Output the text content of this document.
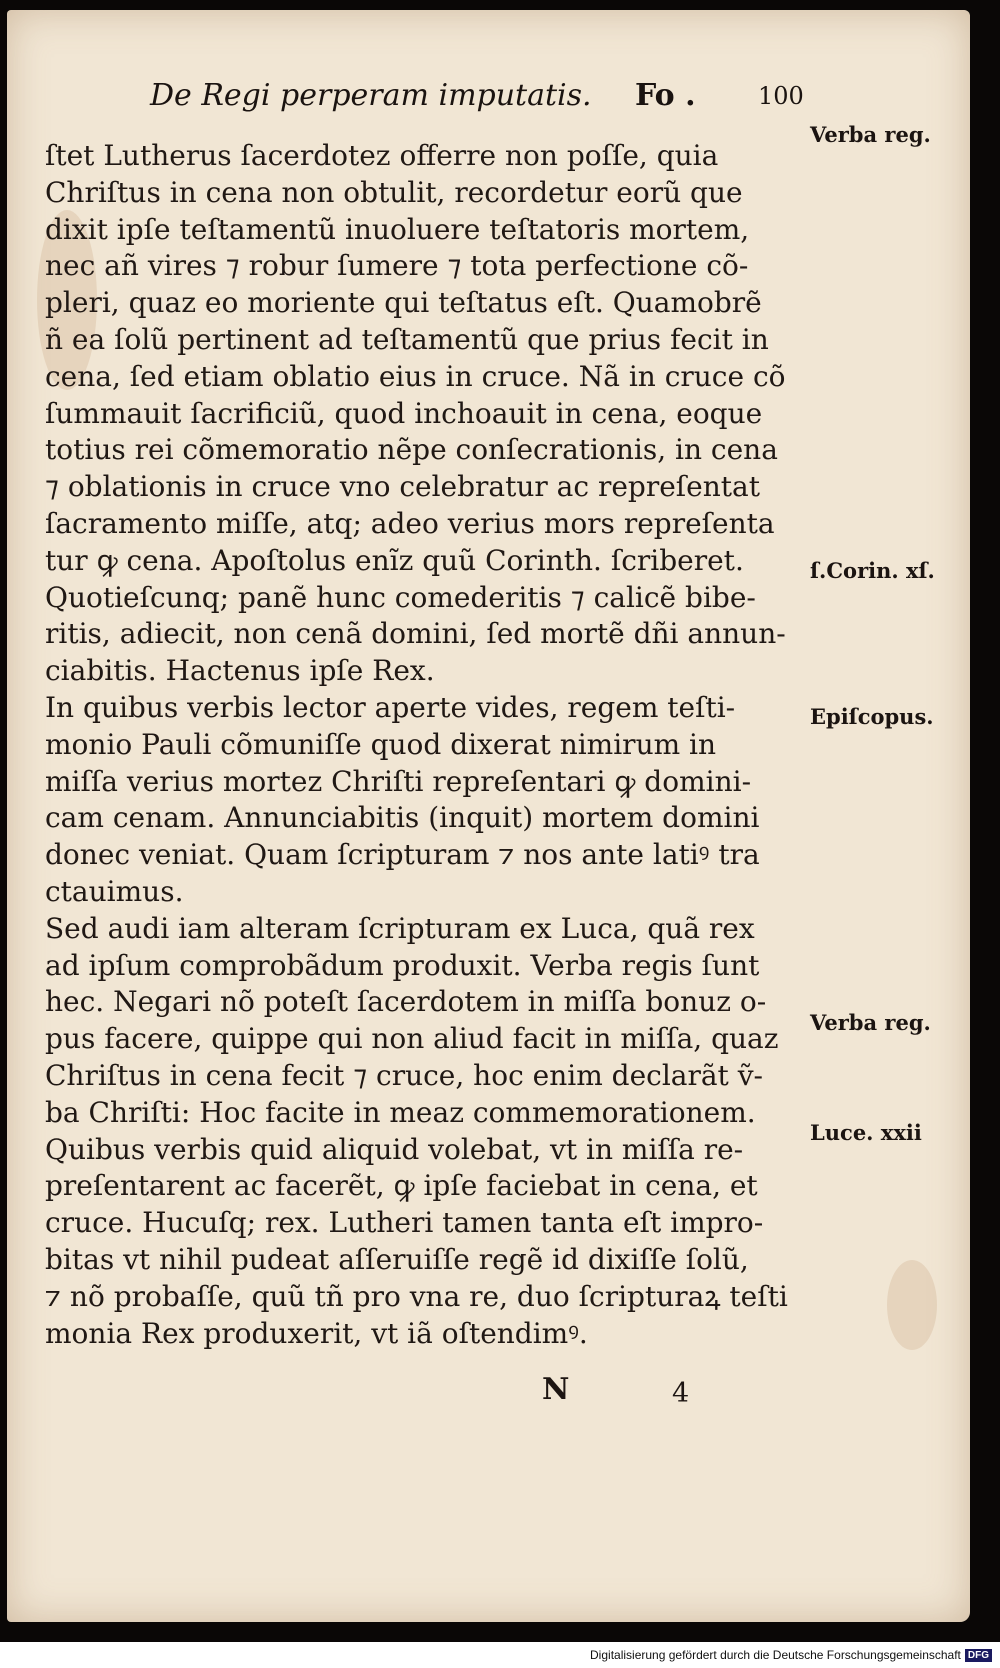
De Regi perperam imputatis. Fo .	100
ſtet Lutherus ſacerdotez offerre non poſſe, quia
Chriſtus in cena non obtulit, recordetur eorũ que
dixit ipſe teſtamentũ inuoluere teſtatoris mortem,
nec añ vires ⁊ robur ſumere ⁊ tota perfectione cõ-
pleri, quaz eo moriente qui teſtatus eſt. Quamobrẽ
ñ ea ſolũ pertinent ad teſtamentũ que prius fecit in
cena, ſed etiam oblatio eius in cruce. Nã in cruce cõ
ſummauit ſacrificiũ, quod inchoauit in cena, eoque
totius rei cõmemoratio nẽpe conſecrationis, in cena
⁊ oblationis in cruce vno celebratur ac repreſentat
ſacramento miſſe, atq; adeo verius mors repreſenta
tur ꝙ cena. Apoſtolus enĩz quũ Corinth. ſcriberet.
Quotieſcunq; panẽ hunc comederitis ⁊ calicẽ bibe-
ritis, adiecit, non cenã domini, ſed mortẽ dñi annun-
ciabitis. Hactenus ipſe Rex.
In quibus verbis lector aperte vides, regem teſti-
monio Pauli cõmuniſſe quod dixerat nimirum in
miſſa verius mortez Chriſti repreſentari ꝙ domini-
cam cenam. Annunciabitis (inquit) mortem domini
donec veniat. Quam ſcripturam ⁊ nos ante latiꝰ tra
ctauimus.
Sed audi iam alteram ſcripturam ex Luca, quã rex
ad ipſum comprobãdum produxit. Verba regis ſunt
hec. Negari nõ poteſt ſacerdotem in miſſa bonuz o-
pus facere, quippe qui non aliud facit in miſſa, quaz
Chriſtus in cena fecit ⁊ cruce, hoc enim declarãt ṽ-
ba Chriſti: Hoc facite in meaz commemorationem.
Quibus verbis quid aliquid volebat, vt in miſſa re-
preſentarent ac facerẽt, ꝙ ipſe faciebat in cena, et
cruce. Hucuſq; rex. Lutheri tamen tanta eſt impro-
bitas vt nihil pudeat aſſeruiſſe regẽ id dixiſſe ſolũ,
⁊ nõ probaſſe, quũ tñ pro vna re, duo ſcripturaꝝ teſti
monia Rex produxerit, vt iã oſtendimꝰ.
Verba reg.
ſ.Corin. xſ.
Epiſcopus.
Verba reg.
Luce. xxii
N	4
Digitalisierung gefördert durch die Deutsche Forschungsgemeinschaft DFG
